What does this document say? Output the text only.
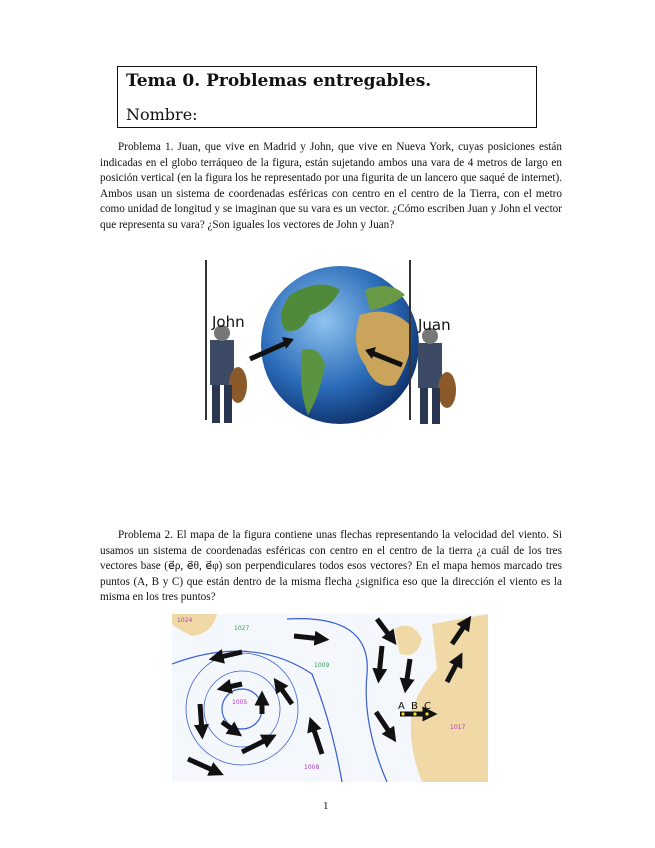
Tema 0. Problemas entregables.
Nombre:
Problema 1. Juan, que vive en Madrid y John, que vive en Nueva York, cuyas posiciones están indicadas en el globo terráqueo de la figura, están sujetando ambos una vara de 4 metros de largo en posición vertical (en la figura los he representado por una figurita de un lancero que saqué de internet). Ambos usan un sistema de coordenadas esféricas con centro en el centro de la Tierra, con el metro como unidad de longitud y se imaginan que su vara es un vector. ¿Cómo escriben Juan y John el vector que representa su vara? ¿Son iguales los vectores de John y Juan?
John	Juan
Problema 2. El mapa de la figura contiene unas flechas representando la velocidad del viento. Si usamos un sistema de coordenadas esféricas con centro en el centro de la tierra ¿a cuál de los tres vectores base (e⃗ρ, e⃗θ, e⃗φ) son perpendiculares todos esos vectores? En el mapa hemos marcado tres puntos (A, B y C) que están dentro de la misma flecha ¿significa eso que la dirección el viento es la misma en los tres puntos?
1024
1027
1009
1005
1008
1017
A B C
1
